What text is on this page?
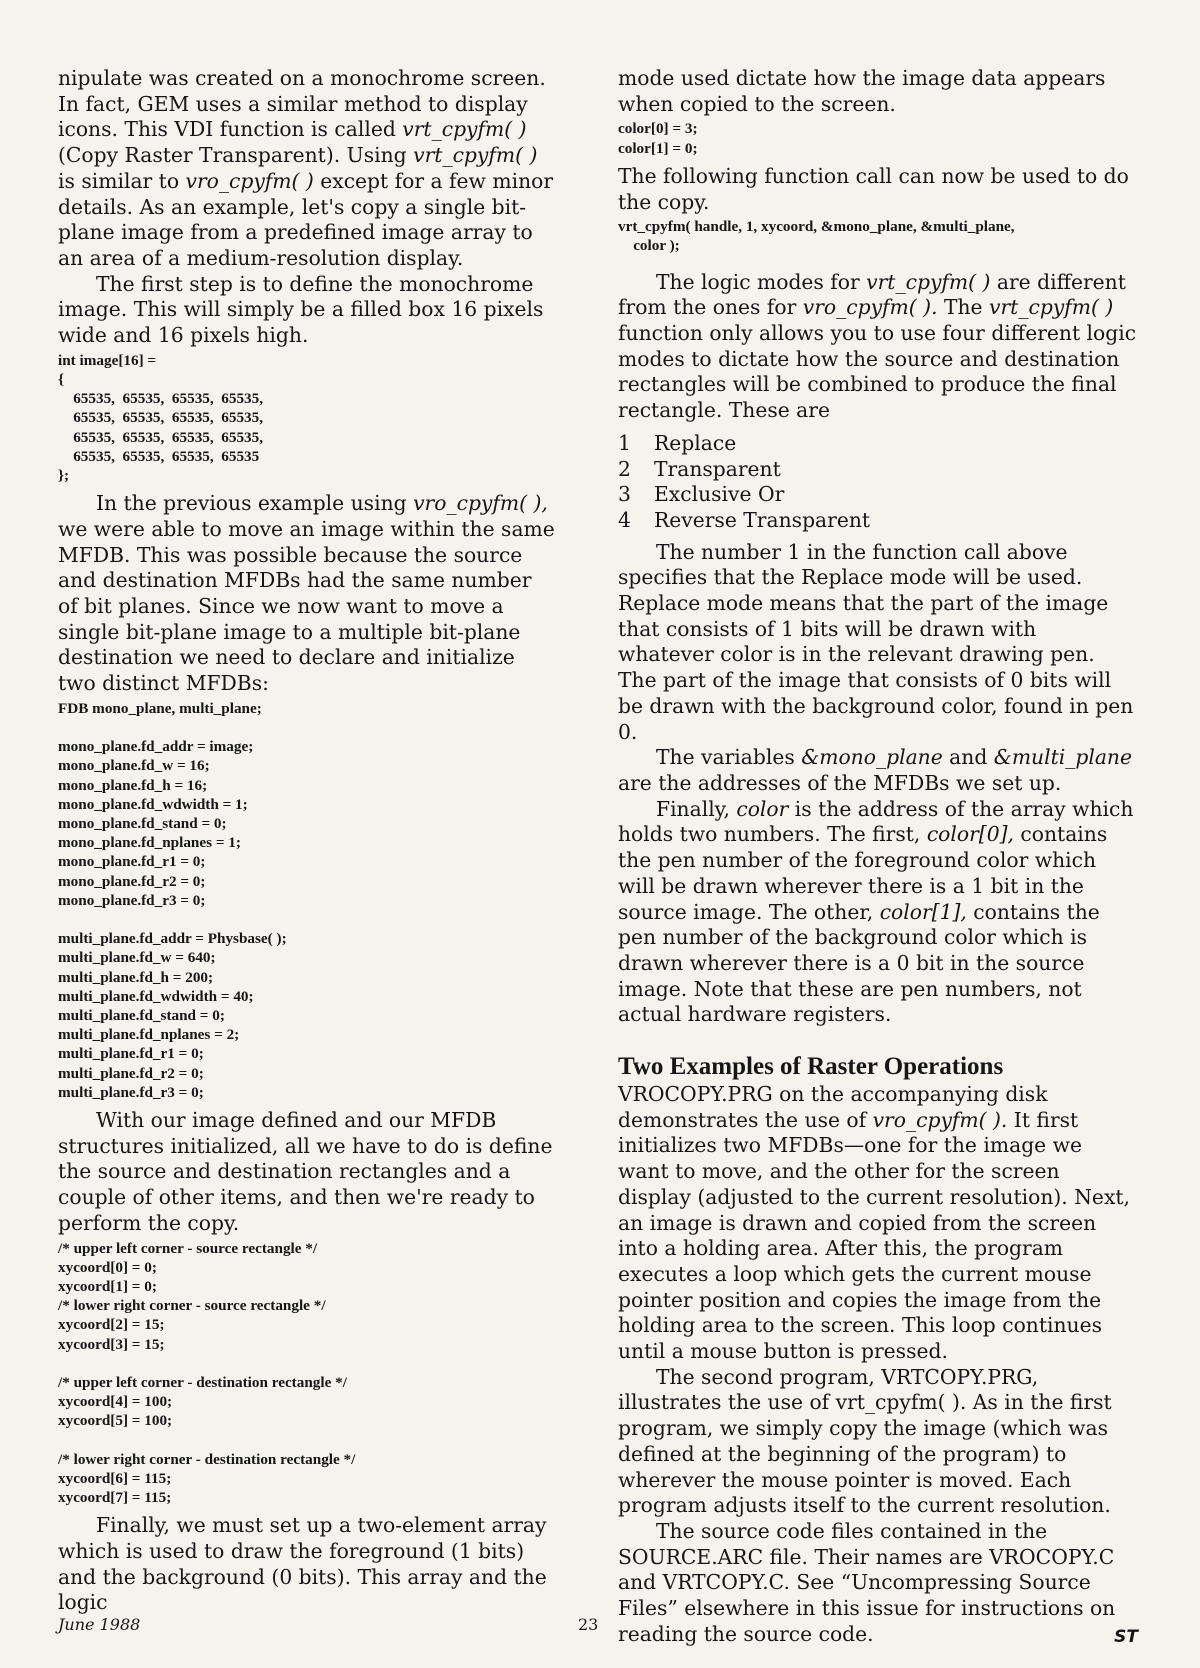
nipulate was created on a monochrome screen. In fact, GEM uses a similar method to display icons. This VDI function is called vrt_cpyfm( ) (Copy Raster Transparent). Using vrt_cpyfm( ) is similar to vro_cpyfm( ) except for a few minor details. As an example, let's copy a single bit-plane image from a predefined image array to an area of a medium-resolution display.

The first step is to define the monochrome image. This will simply be a filled box 16 pixels wide and 16 pixels high.

int image[16] =
{
65535,  65535,  65535,  65535,
65535,  65535,  65535,  65535,
65535,  65535,  65535,  65535,
65535,  65535,  65535,  65535
};

In the previous example using vro_cpyfm( ), we were able to move an image within the same MFDB. This was possible because the source and destination MFDBs had the same number of bit planes. Since we now want to move a single bit-plane image to a multiple bit-plane destination we need to declare and initialize two distinct MFDBs:

FDB mono_plane, multi_plane;
mono_plane.fd_addr = image;
mono_plane.fd_w = 16;
mono_plane.fd_h = 16;
mono_plane.fd_wdwidth = 1;
mono_plane.fd_stand = 0;
mono_plane.fd_nplanes = 1;
mono_plane.fd_r1 = 0;
mono_plane.fd_r2 = 0;
mono_plane.fd_r3 = 0;
multi_plane.fd_addr = Physbase( );
multi_plane.fd_w = 640;
multi_plane.fd_h = 200;
multi_plane.fd_wdwidth = 40;
multi_plane.fd_stand = 0;
multi_plane.fd_nplanes = 2;
multi_plane.fd_r1 = 0;
multi_plane.fd_r2 = 0;
multi_plane.fd_r3 = 0;

With our image defined and our MFDB structures initialized, all we have to do is define the source and destination rectangles and a couple of other items, and then we're ready to perform the copy.

/* upper left corner - source rectangle */
xycoord[0] = 0;
xycoord[1] = 0;
/* lower right corner - source rectangle */
xycoord[2] = 15;
xycoord[3] = 15;
/* upper left corner - destination rectangle */
xycoord[4] = 100;
xycoord[5] = 100;
/* lower right corner - destination rectangle */
xycoord[6] = 115;
xycoord[7] = 115;

Finally, we must set up a two-element array which is used to draw the foreground (1 bits) and the background (0 bits). This array and the logic

mode used dictate how the image data appears when copied to the screen.

color[0] = 3;
color[1] = 0;

The following function call can now be used to do the copy.

vrt_cpyfm( handle, 1, xycoord, &mono_plane, &multi_plane,
color );

The logic modes for vrt_cpyfm( ) are different from the ones for vro_cpyfm( ). The vrt_cpyfm( ) function only allows you to use four different logic modes to dictate how the source and destination rectangles will be combined to produce the final rectangle. These are

1	Replace
2	Transparent
3	Exclusive Or
4	Reverse Transparent

The number 1 in the function call above specifies that the Replace mode will be used. Replace mode means that the part of the image that consists of 1 bits will be drawn with whatever color is in the relevant drawing pen. The part of the image that consists of 0 bits will be drawn with the background color, found in pen 0.

The variables &mono_plane and &multi_plane are the addresses of the MFDBs we set up.

Finally, color is the address of the array which holds two numbers. The first, color[0], contains the pen number of the foreground color which will be drawn wherever there is a 1 bit in the source image. The other, color[1], contains the pen number of the background color which is drawn wherever there is a 0 bit in the source image. Note that these are pen numbers, not actual hardware registers.

Two Examples of Raster Operations

VROCOPY.PRG on the accompanying disk demonstrates the use of vro_cpyfm( ). It first initializes two MFDBs—one for the image we want to move, and the other for the screen display (adjusted to the current resolution). Next, an image is drawn and copied from the screen into a holding area. After this, the program executes a loop which gets the current mouse pointer position and copies the image from the holding area to the screen. This loop continues until a mouse button is pressed.

The second program, VRTCOPY.PRG, illustrates the use of vrt_cpyfm( ). As in the first program, we simply copy the image (which was defined at the beginning of the program) to wherever the mouse pointer is moved. Each program adjusts itself to the current resolution.

The source code files contained in the SOURCE.ARC file. Their names are VROCOPY.C and VRTCOPY.C. See “Uncompressing Source Files” elsewhere in this issue for instructions on reading the source code.	ST

June 1988	23
